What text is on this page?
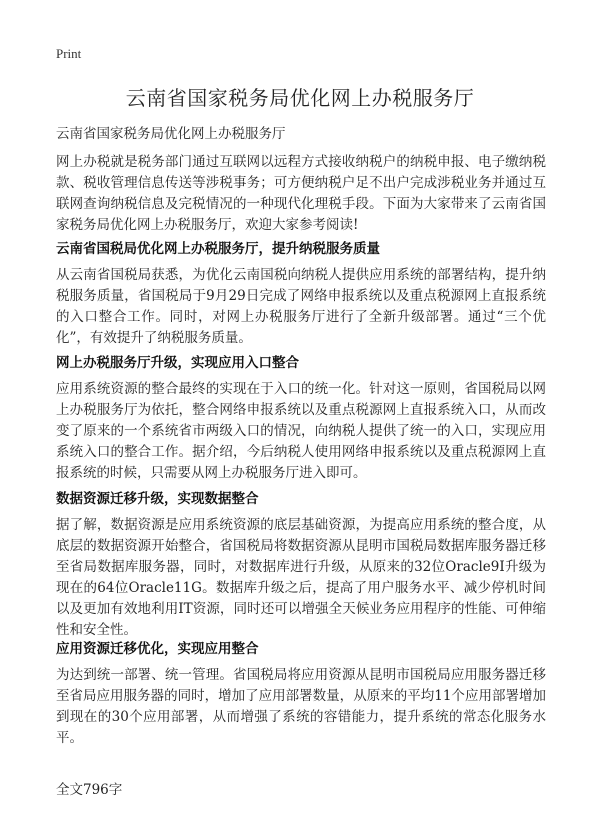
Print
云南省国家税务局优化网上办税服务厅
云南省国家税务局优化网上办税服务厅

网上办税就是税务部门通过互联网以远程方式接收纳税户的纳税申报、电子缴纳税款、税收管理信息传送等涉税事务；可方便纳税户足不出户完成涉税业务并通过互联网查询纳税信息及完税情况的一种现代化理税手段。下面为大家带来了云南省国家税务局优化网上办税服务厅，欢迎大家参考阅读!

云南省国税局优化网上办税服务厅，提升纳税服务质量

从云南省国税局获悉，为优化云南国税向纳税人提供应用系统的部署结构，提升纳税服务质量，省国税局于9月29日完成了网络申报系统以及重点税源网上直报系统的入口整合工作。同时，对网上办税服务厅进行了全新升级部署。通过“三个优化”，有效提升了纳税服务质量。

网上办税服务厅升级，实现应用入口整合

应用系统资源的整合最终的实现在于入口的统一化。针对这一原则，省国税局以网上办税服务厅为依托，整合网络申报系统以及重点税源网上直报系统入口，从而改变了原来的一个系统省市两级入口的情况，向纳税人提供了统一的入口，实现应用系统入口的整合工作。据介绍，今后纳税人使用网络申报系统以及重点税源网上直报系统的时候，只需要从网上办税服务厅进入即可。

数据资源迁移升级，实现数据整合

据了解，数据资源是应用系统资源的底层基础资源，为提高应用系统的整合度，从底层的数据资源开始整合，省国税局将数据资源从昆明市国税局数据库服务器迁移至省局数据库服务器，同时，对数据库进行升级，从原来的32位Oracle9I升级为现在的64位Oracle11G。数据库升级之后，提高了用户服务水平、减少停机时间以及更加有效地利用IT资源，同时还可以增强全天候业务应用程序的性能、可伸缩性和安全性。

应用资源迁移优化，实现应用整合

为达到统一部署、统一管理。省国税局将应用资源从昆明市国税局应用服务器迁移至省局应用服务器的同时，增加了应用部署数量，从原来的平均11个应用部署增加到现在的30个应用部署，从而增强了系统的容错能力，提升系统的常态化服务水平。

全文796字
